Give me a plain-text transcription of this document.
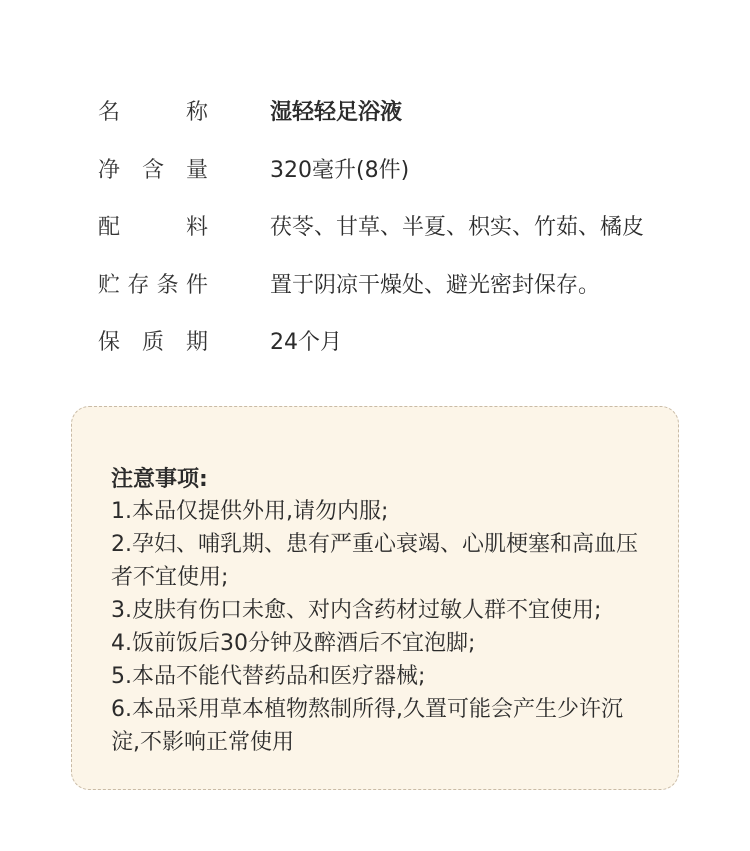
名　　称	湿轻轻足浴液
净 含 量	320毫升(8件)
配　　料	茯苓、甘草、半夏、枳实、竹茹、橘皮
贮存条件	置于阴凉干燥处、避光密封保存。
保 质 期	24个月
注意事项:
1.本品仅提供外用,请勿内服;
2.孕妇、哺乳期、患有严重心衰竭、心肌梗塞和高血压者不宜使用;
3.皮肤有伤口未愈、对内含药材过敏人群不宜使用;
4.饭前饭后30分钟及醉酒后不宜泡脚;
5.本品不能代替药品和医疗器械;
6.本品采用草本植物熬制所得,久置可能会产生少许沉淀,不影响正常使用
